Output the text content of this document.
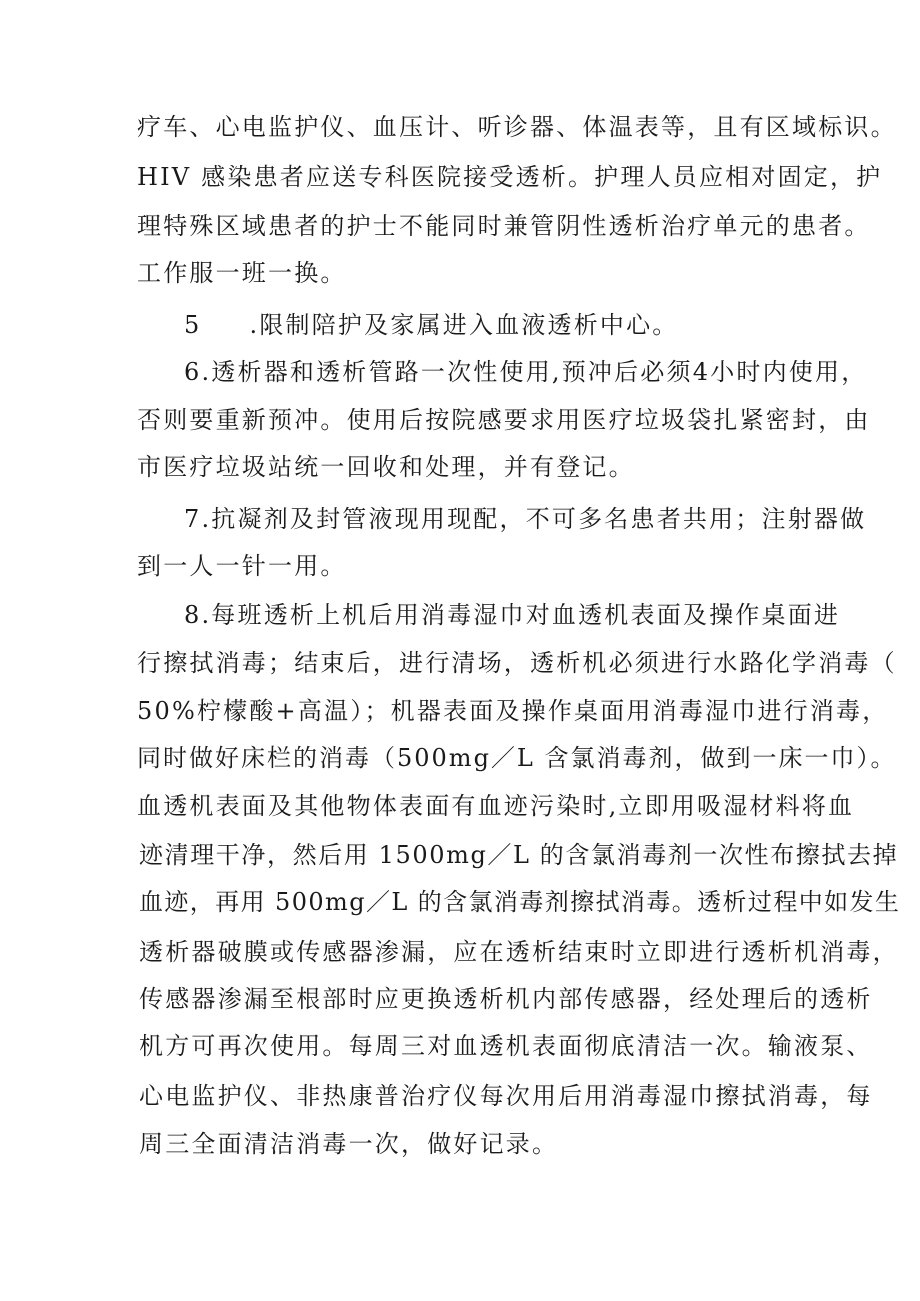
疗车、心电监护仪、血压计、听诊器、体温表等，且有区域标识。
HIV 感染患者应送专科医院接受透析。护理人员应相对固定，护
理特殊区域患者的护士不能同时兼管阴性透析治疗单元的患者。
工作服一班一换。
5 .限制陪护及家属进入血液透析中心。
6.透析器和透析管路一次性使用,预冲后必须4小时内使用，
否则要重新预冲。使用后按院感要求用医疗垃圾袋扎紧密封，由
市医疗垃圾站统一回收和处理，并有登记。
7.抗凝剂及封管液现用现配，不可多名患者共用；注射器做
到一人一针一用。
8.每班透析上机后用消毒湿巾对血透机表面及操作桌面进
行擦拭消毒；结束后，进行清场，透析机必须进行水路化学消毒（
50%柠檬酸+高温）；机器表面及操作桌面用消毒湿巾进行消毒，
同时做好床栏的消毒（500mg／L 含氯消毒剂，做到一床一巾）。
血透机表面及其他物体表面有血迹污染时,立即用吸湿材料将血
迹清理干净，然后用 1500mg／L 的含氯消毒剂一次性布擦拭去掉
血迹，再用 500mg／L 的含氯消毒剂擦拭消毒。透析过程中如发生
透析器破膜或传感器渗漏，应在透析结束时立即进行透析机消毒，
传感器渗漏至根部时应更换透析机内部传感器，经处理后的透析
机方可再次使用。每周三对血透机表面彻底清洁一次。输液泵、
心电监护仪、非热康普治疗仪每次用后用消毒湿巾擦拭消毒，每
周三全面清洁消毒一次，做好记录。
